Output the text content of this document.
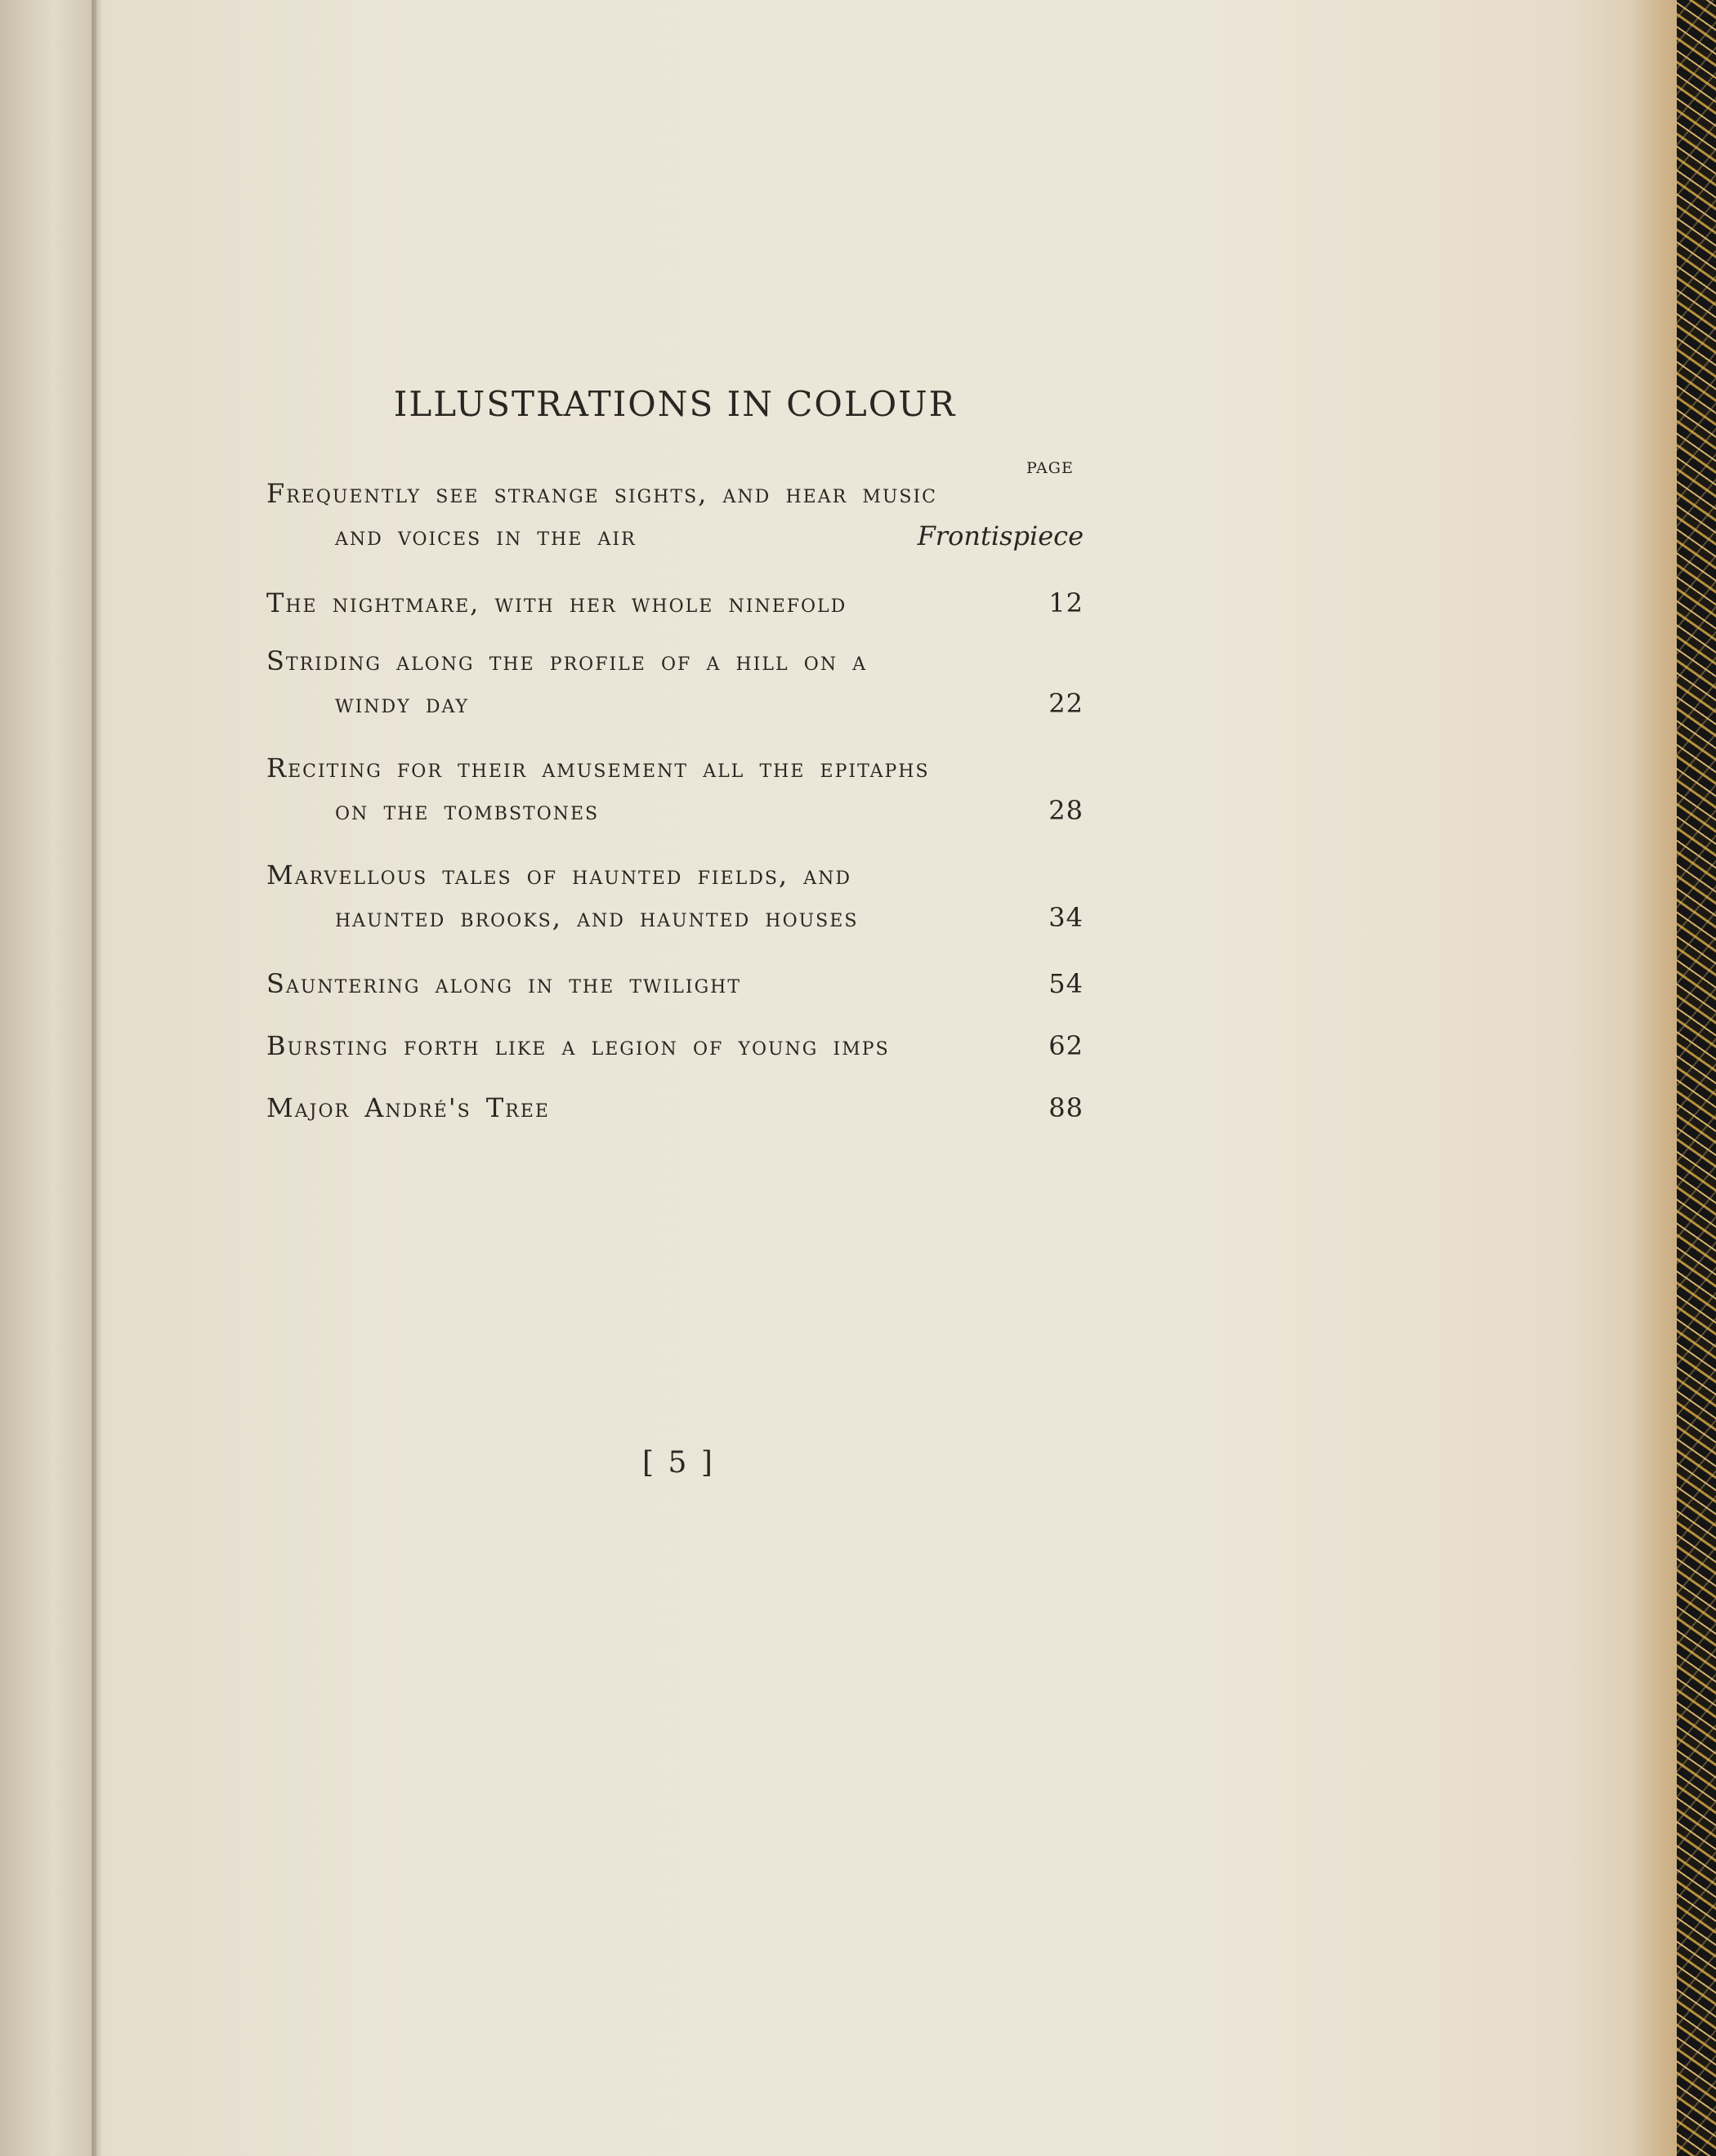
ILLUSTRATIONS IN COLOUR
PAGE
Frequently see strange sights, and hear music
and voices in the air	Frontispiece
The nightmare, with her whole ninefold	12
Striding along the profile of a hill on a
windy day	22
Reciting for their amusement all the epitaphs
on the tombstones	28
Marvellous tales of haunted fields, and
haunted brooks, and haunted houses	34
Sauntering along in the twilight	54
Bursting forth like a legion of young imps	62
Major André's Tree	88
[ 5 ]
